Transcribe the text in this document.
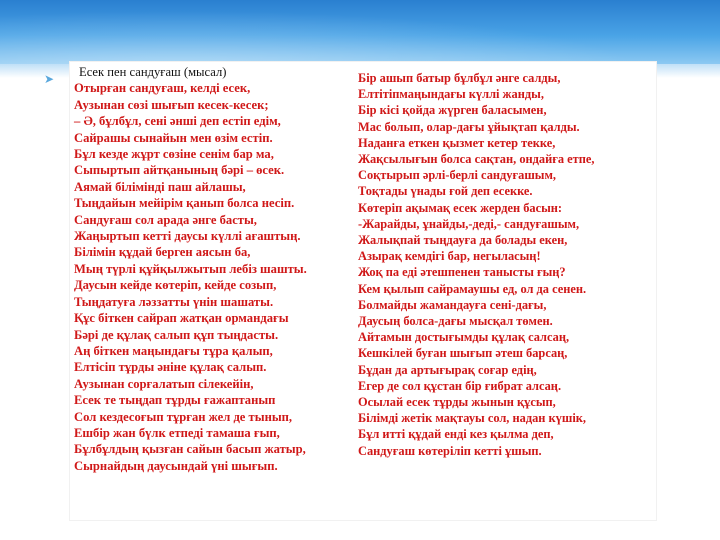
➤	Есек пен сандуғаш (мысал)
Отырған сандуғаш, келді есек,
Аузынан сөзі шығып кесек-кесек;
– Ә, бұлбұл, сені әнші деп естіп едім,
Сайрашы сынайын мен өзім естіп.
Бұл кезде жұрт сөзіне сенім бар ма,
Сыпыртып айтқанының бәрі – өсек.
Аямай білімінді паш айлашы,
Тыңдайын мейірім қанып болса несіп.
Сандуғаш сол арада әнге басты,
Жаңыртып кетті даусы күллі ағаштың.
Білімін құдай берген аясын ба,
Мың түрлі құйқылжытып лебіз шашты.
Даусын кейде көтеріп, кейде созып,
Тыңдатуға ләззатты үнін шашаты.
Құс біткен сайрап жатқан ормандағы
Бәрі де құлақ салып құп тыңдасты.
Аң біткен маңындағы тұра қалып,
Елтісіп тұрды әніне құлақ салып.
Аузынан сорғалатып сілекейін,
Есек те тыңдап тұрды ғажаптанып
Сол кездесоғып тұрған жел де тынып,
Ешбір жан бүлк етпеді тамаша ғып,
Бұлбұлдың қызған сайын басып жатыр,
Сырнайдың даусындай үні шығып.
Бір ашып батыр бұлбұл әнге салды,
Елтітіпмаңындағы күллі жанды,
Бір кісі қойда жүрген баласымен,
Мас болып, олар-дағы ұйықтап қалды.
Наданға еткен қызмет кетер текке,
Жақсылығын болса сақтан, ондайға етпе,
Соқтырып әрлі-берлі сандуғашым,
Тоқтады үнады ғой деп есекке.
Көтеріп ақымақ есек жерден басын:
-Жарайды, ұнайды,-деді,- сандуғашым,
Жалықпай тыңдауға да болады екен,
Азырақ кемдігі бар, негыласың!
Жоқ па еді әтешпенен танысты ғың?
Кем қылып сайрамаушы ед, ол да сенен.
Болмайды жамандауға сені-дағы,
Даусың болса-дағы мысқал төмен.
Айтамын достығымды құлақ салсаң,
Кешкілей буған шығып әтеш барсаң,
Бұдан да артығырақ соғар едің,
Егер де сол құстан бір ғибрат алсаң.
Осылай есек тұрды жынын құсып,
Білімді жетік мақтауы сол, надан күшік,
Бұл итті құдай енді кез қылма деп,
Сандуғаш көтеріліп кетті ұшып.
